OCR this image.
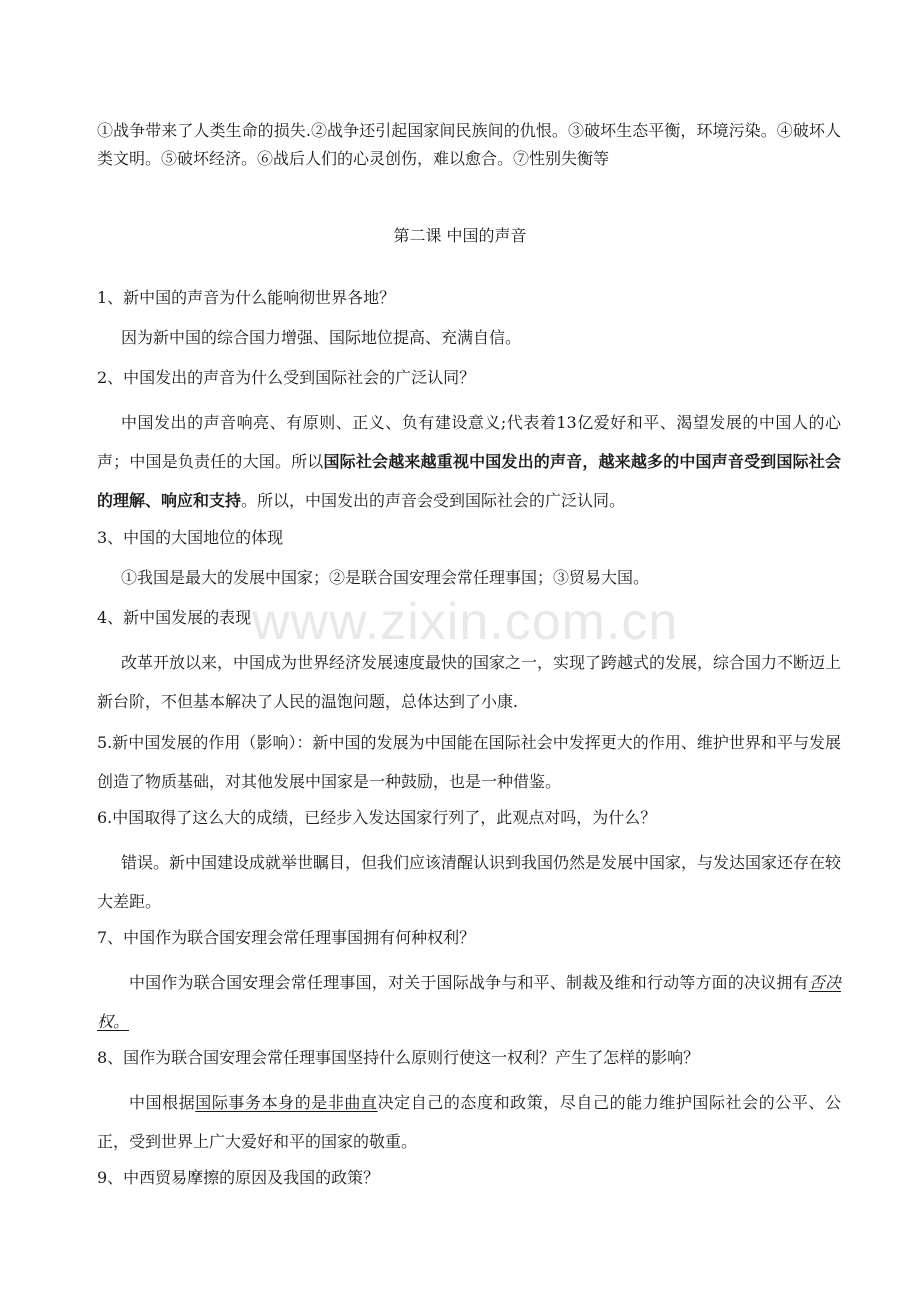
①战争带来了人类生命的损失.②战争还引起国家间民族间的仇恨。③破坏生态平衡，环境污染。④破坏人类文明。⑤破坏经济。⑥战后人们的心灵创伤，难以愈合。⑦性别失衡等

第二课 中国的声音

1、新中国的声音为什么能响彻世界各地？

因为新中国的综合国力增强、国际地位提高、充满自信。

2、中国发出的声音为什么受到国际社会的广泛认同？

中国发出的声音响亮、有原则、正义、负有建设意义;代表着13亿爱好和平、渴望发展的中国人的心声；中国是负责任的大国。所以国际社会越来越重视中国发出的声音，越来越多的中国声音受到国际社会的理解、响应和支持。所以，中国发出的声音会受到国际社会的广泛认同。

3、中国的大国地位的体现

①我国是最大的发展中国家；②是联合国安理会常任理事国；③贸易大国。

4、新中国发展的表现

改革开放以来，中国成为世界经济发展速度最快的国家之一，实现了跨越式的发展，综合国力不断迈上新台阶，不但基本解决了人民的温饱问题，总体达到了小康.

5.新中国发展的作用（影响）：新中国的发展为中国能在国际社会中发挥更大的作用、维护世界和平与发展创造了物质基础，对其他发展中国家是一种鼓励，也是一种借鉴。

6.中国取得了这么大的成绩，已经步入发达国家行列了，此观点对吗，为什么？

错误。新中国建设成就举世瞩目，但我们应该清醒认识到我国仍然是发展中国家，与发达国家还存在较大差距。

7、中国作为联合国安理会常任理事国拥有何种权利？

中国作为联合国安理会常任理事国，对关于国际战争与和平、制裁及维和行动等方面的决议拥有否决权。

8、国作为联合国安理会常任理事国坚持什么原则行使这一权利？产生了怎样的影响？

中国根据国际事务本身的是非曲直决定自己的态度和政策，尽自己的能力维护国际社会的公平、公正，受到世界上广大爱好和平的国家的敬重。

9、中西贸易摩擦的原因及我国的政策？

www.zixin.com.cn
